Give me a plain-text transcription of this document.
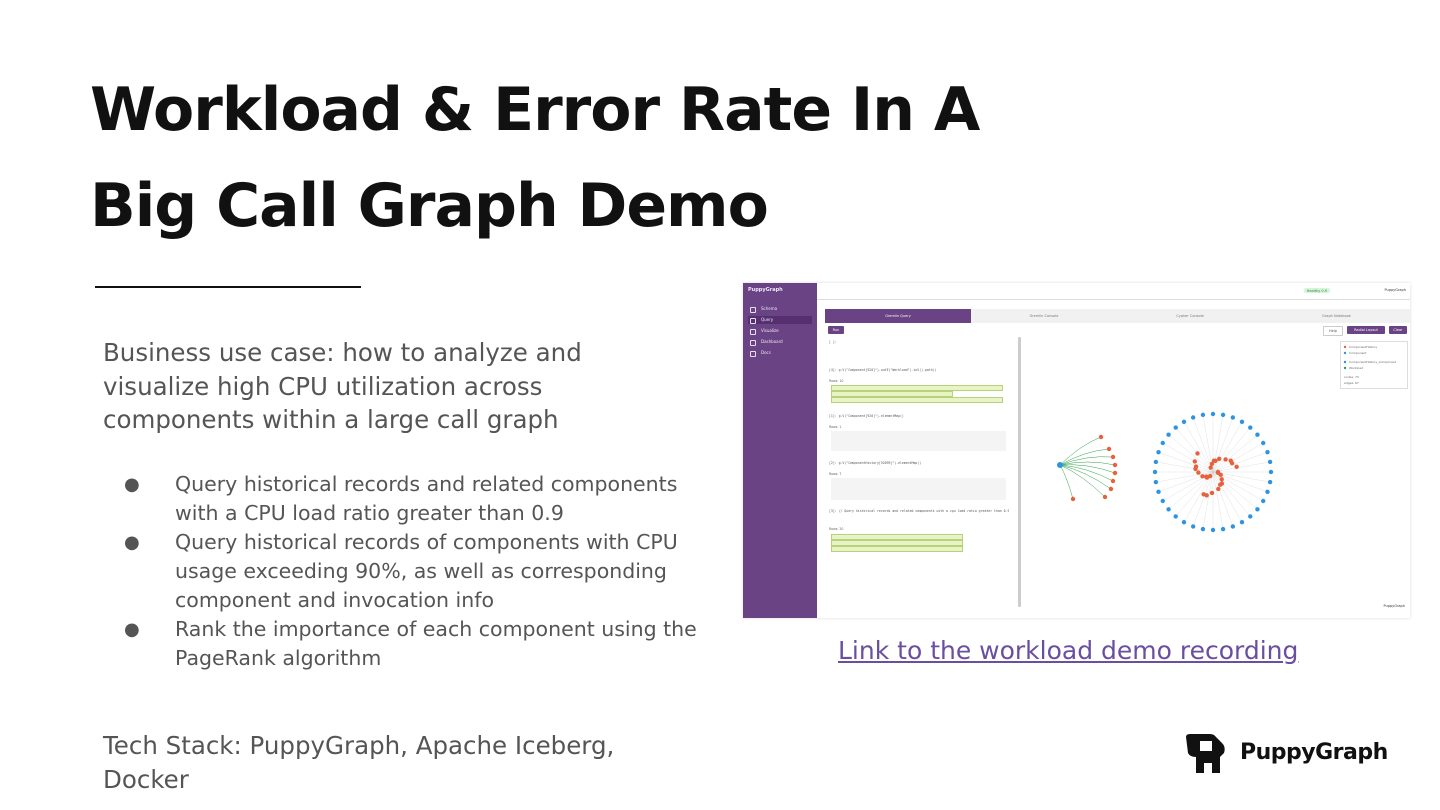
Workload & Error Rate In A
Big Call Graph Demo
Business use case: how to analyze and visualize high CPU utilization across components within a large call graph
● Query historical records and related components with a CPU load ratio greater than 0.9
● Query historical records of components with CPU usage exceeding 90%, as well as corresponding component and invocation info
● Rank the importance of each component using the PageRank algorithm
Tech Stack: PuppyGraph, Apache Iceberg, Docker
Link to the workload demo recording
PuppyGraph
PuppyGraph
Schema
Query
Visualize
Dashboard
Docs
Healthy 0.9	PuppyGraph
Gremlin Query	Gremlin Console	Cypher Console	Graph Notebook
Run	Help	Radial Layout	Clear
[ ]:
[4]: g.V("Component[920]").outE("Workload").inV().path()
Rows: 10
[1]: g.V("Component[920]").elementMap()
Rows: 1
[2]: g.V("ComponentHistory[92099]").elementMap()
Rows: 7
[3]: // Query historical records and related components with a cpu load ratio greater than 0.9
Rows: 20
ComponentHistory
Component
ComponentHistory_Component
Workload
nodes: 73
edges: 67
PuppyGraph
